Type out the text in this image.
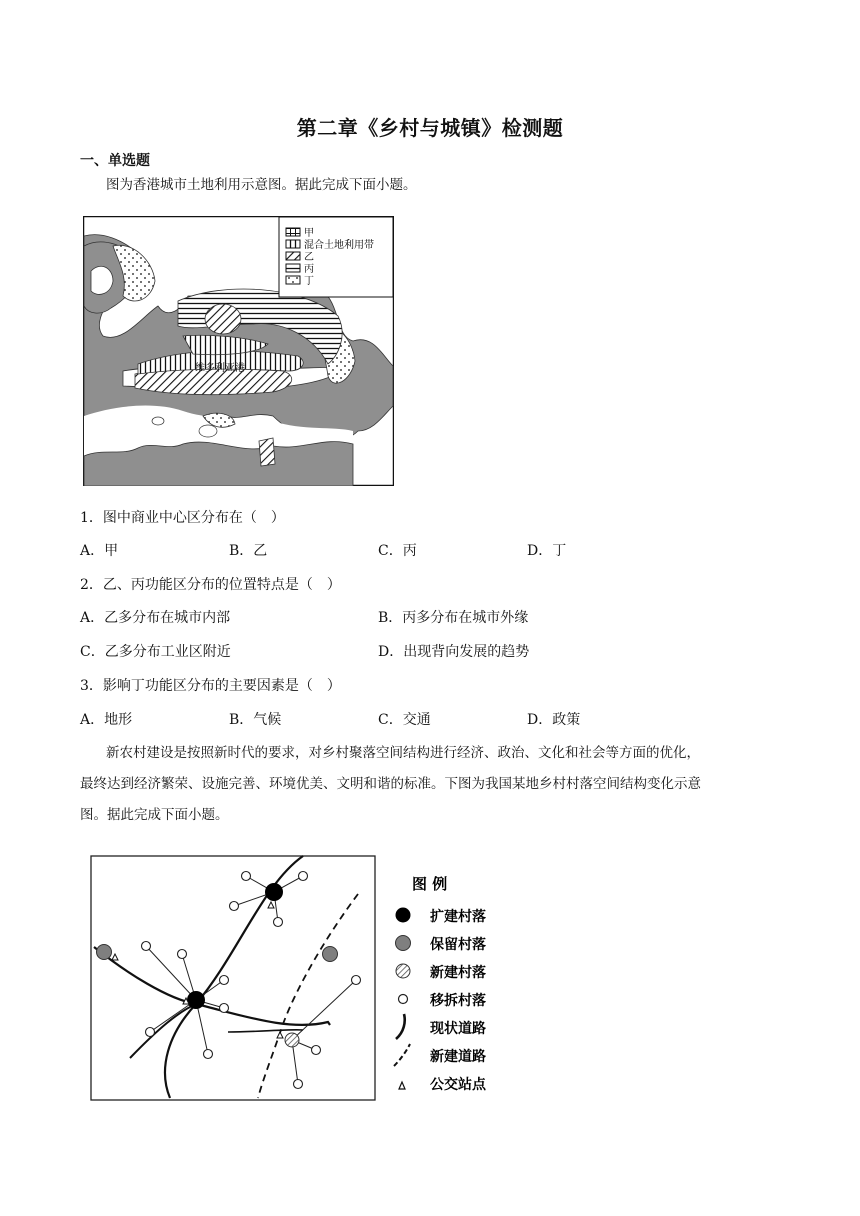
第二章《乡村与城镇》检测题
一、单选题
图为香港城市土地利用示意图。据此完成下面小题。
甲
混合土地利用带
乙
丙
丁
维多利亚港
1．图中商业中心区分布在（　）
A．甲	B．乙	C．丙	D．丁
2．乙、丙功能区分布的位置特点是（　）
A．乙多分布在城市内部	B．丙多分布在城市外缘
C．乙多分布工业区附近	D．出现背向发展的趋势
3．影响丁功能区分布的主要因素是（　）
A．地形	B．气候	C．交通	D．政策
新农村建设是按照新时代的要求，对乡村聚落空间结构进行经济、政治、文化和社会等方面的优化，
最终达到经济繁荣、设施完善、环境优美、文明和谐的标准。下图为我国某地乡村村落空间结构变化示意
图。据此完成下面小题。
图 例
扩建村落
保留村落
新建村落
移拆村落
现状道路
新建道路
公交站点
